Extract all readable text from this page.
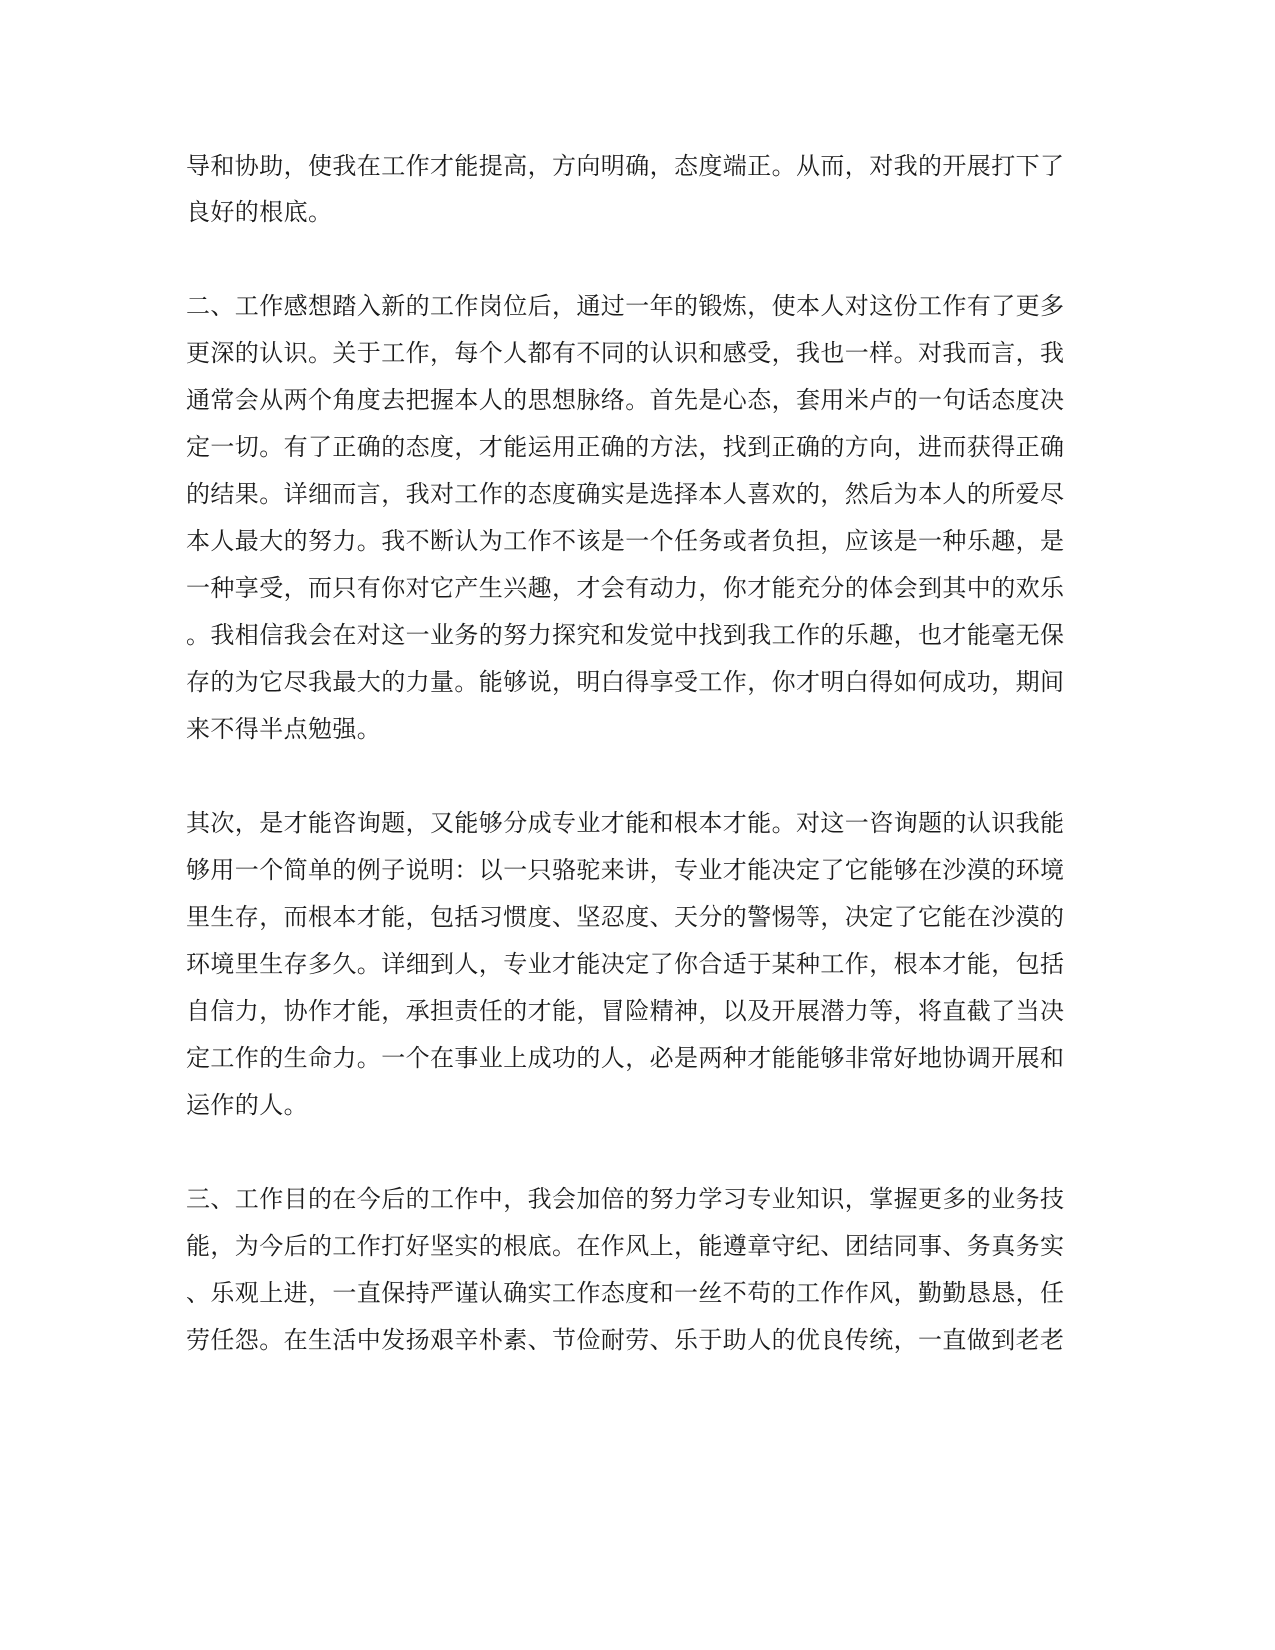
导和协助，使我在工作才能提高，方向明确，态度端正。从而，对我的开展打下了
良好的根底。
二、工作感想踏入新的工作岗位后，通过一年的锻炼，使本人对这份工作有了更多
更深的认识。关于工作，每个人都有不同的认识和感受，我也一样。对我而言，我
通常会从两个角度去把握本人的思想脉络。首先是心态，套用米卢的一句话态度决
定一切。有了正确的态度，才能运用正确的方法，找到正确的方向，进而获得正确
的结果。详细而言，我对工作的态度确实是选择本人喜欢的，然后为本人的所爱尽
本人最大的努力。我不断认为工作不该是一个任务或者负担，应该是一种乐趣，是
一种享受，而只有你对它产生兴趣，才会有动力，你才能充分的体会到其中的欢乐
。我相信我会在对这一业务的努力探究和发觉中找到我工作的乐趣，也才能毫无保
存的为它尽我最大的力量。能够说，明白得享受工作，你才明白得如何成功，期间
来不得半点勉强。
其次，是才能咨询题，又能够分成专业才能和根本才能。对这一咨询题的认识我能
够用一个简单的例子说明：以一只骆驼来讲，专业才能决定了它能够在沙漠的环境
里生存，而根本才能，包括习惯度、坚忍度、天分的警惕等，决定了它能在沙漠的
环境里生存多久。详细到人，专业才能决定了你合适于某种工作，根本才能，包括
自信力，协作才能，承担责任的才能，冒险精神，以及开展潜力等，将直截了当决
定工作的生命力。一个在事业上成功的人，必是两种才能能够非常好地协调开展和
运作的人。
三、工作目的在今后的工作中，我会加倍的努力学习专业知识，掌握更多的业务技
能，为今后的工作打好坚实的根底。在作风上，能遵章守纪、团结同事、务真务实
、乐观上进，一直保持严谨认确实工作态度和一丝不苟的工作作风，勤勤恳恳，任
劳任怨。在生活中发扬艰辛朴素、节俭耐劳、乐于助人的优良传统，一直做到老老
